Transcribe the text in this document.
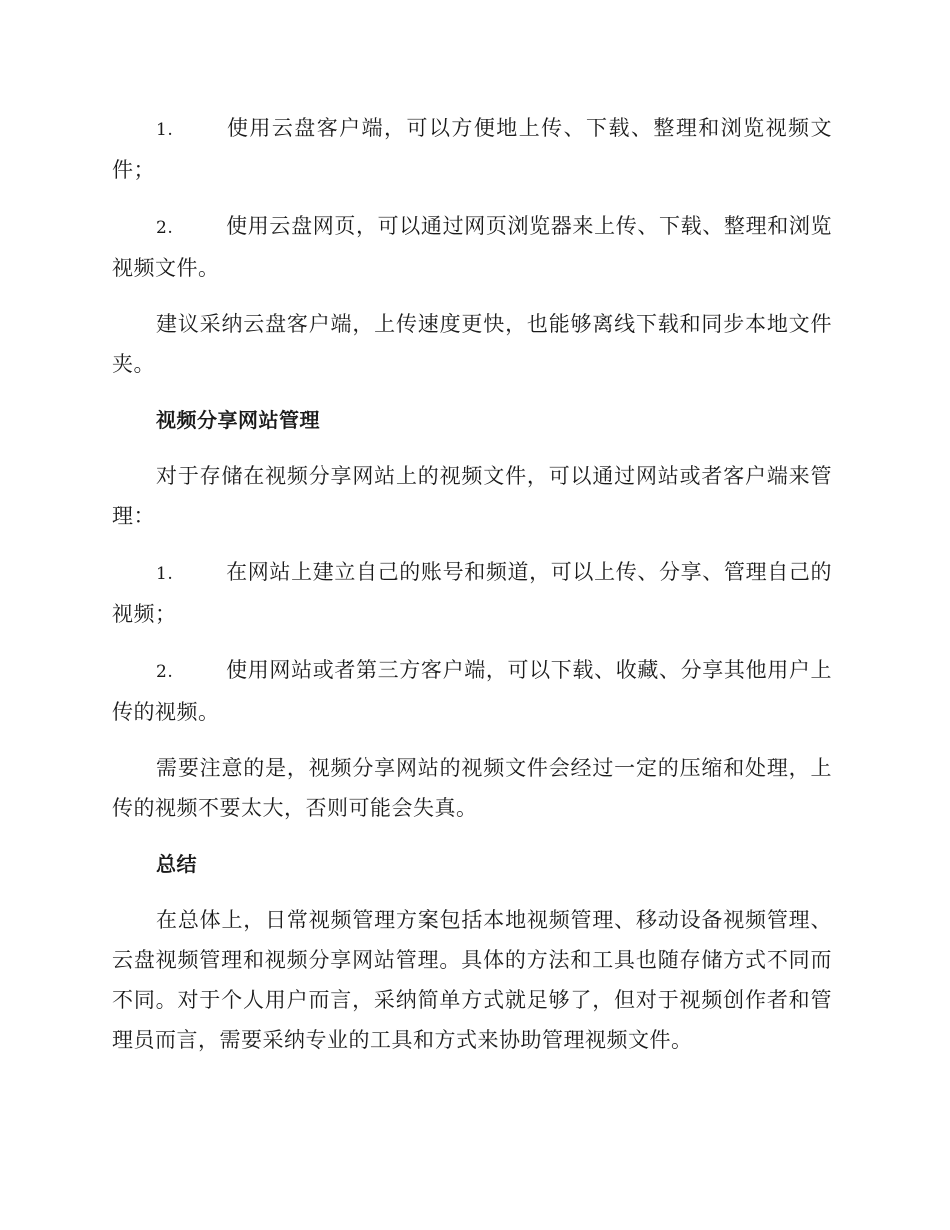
1.	使用云盘客户端，可以方便地上传、下载、整理和浏览视频文件；

2.	使用云盘网页，可以通过网页浏览器来上传、下载、整理和浏览视频文件。

建议采纳云盘客户端，上传速度更快，也能够离线下载和同步本地文件夹。

视频分享网站管理

对于存储在视频分享网站上的视频文件，可以通过网站或者客户端来管理：

1.	在网站上建立自己的账号和频道，可以上传、分享、管理自己的视频；

2.	使用网站或者第三方客户端，可以下载、收藏、分享其他用户上传的视频。

需要注意的是，视频分享网站的视频文件会经过一定的压缩和处理，上传的视频不要太大，否则可能会失真。

总结

在总体上，日常视频管理方案包括本地视频管理、移动设备视频管理、云盘视频管理和视频分享网站管理。具体的方法和工具也随存储方式不同而不同。对于个人用户而言，采纳简单方式就足够了，但对于视频创作者和管理员而言，需要采纳专业的工具和方式来协助管理视频文件。
